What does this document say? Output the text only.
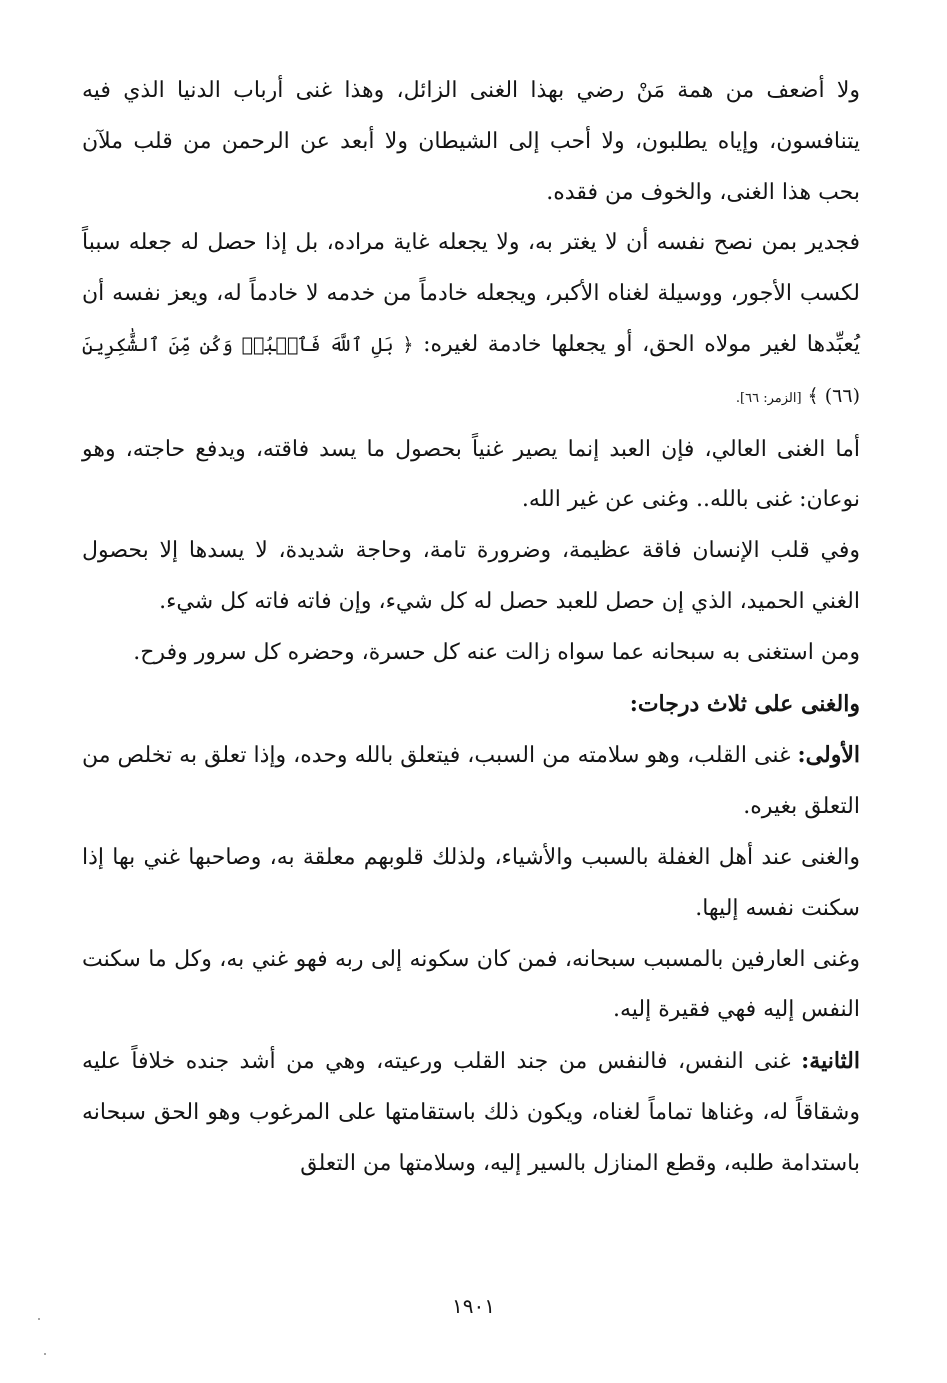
ولا أضعف من همة مَنْ رضي بهذا الغنى الزائل، وهذا غنى أرباب الدنيا الذي فيه يتنافسون، وإياه يطلبون، ولا أحب إلى الشيطان ولا أبعد عن الرحمن من قلب ملآن بحب هذا الغنى، والخوف من فقده.

فجدير بمن نصح نفسه أن لا يغتر به، ولا يجعله غاية مراده، بل إذا حصل له جعله سبباً لكسب الأجور، ووسيلة لغناه الأكبر، ويجعله خادماً من خدمه لا خادماً له، ويعز نفسه أن يُعبِّدها لغير مولاه الحق، أو يجعلها خادمة لغيره: ﴿ بَلِ ٱللَّهَ فَٱعۡبُدۡ وَكُن مِّنَ ٱلشَّٰكِرِينَ (٦٦) ﴾[الزمر: ٦٦].

أما الغنى العالي، فإن العبد إنما يصير غنياً بحصول ما يسد فاقته، ويدفع حاجته، وهو نوعان: غنى بالله.. وغنى عن غير الله.

وفي قلب الإنسان فاقة عظيمة، وضرورة تامة، وحاجة شديدة، لا يسدها إلا بحصول الغني الحميد، الذي إن حصل للعبد حصل له كل شيء، وإن فاته فاته كل شيء.

ومن استغنى به سبحانه عما سواه زالت عنه كل حسرة، وحضره كل سرور وفرح.

والغنى على ثلاث درجات:

الأولى: غنى القلب، وهو سلامته من السبب، فيتعلق بالله وحده، وإذا تعلق به تخلص من التعلق بغيره.

والغنى عند أهل الغفلة بالسبب والأشياء، ولذلك قلوبهم معلقة به، وصاحبها غني بها إذا سكنت نفسه إليها.

وغنى العارفين بالمسبب سبحانه، فمن كان سكونه إلى ربه فهو غني به، وكل ما سكنت النفس إليه فهي فقيرة إليه.

الثانية: غنى النفس، فالنفس من جند القلب ورعيته، وهي من أشد جنده خلافاً عليه وشقاقاً له، وغناها تماماً لغناه، ويكون ذلك باستقامتها على المرغوب وهو الحق سبحانه باستدامة طلبه، وقطع المنازل بالسير إليه، وسلامتها من التعلق

١٩٠١
